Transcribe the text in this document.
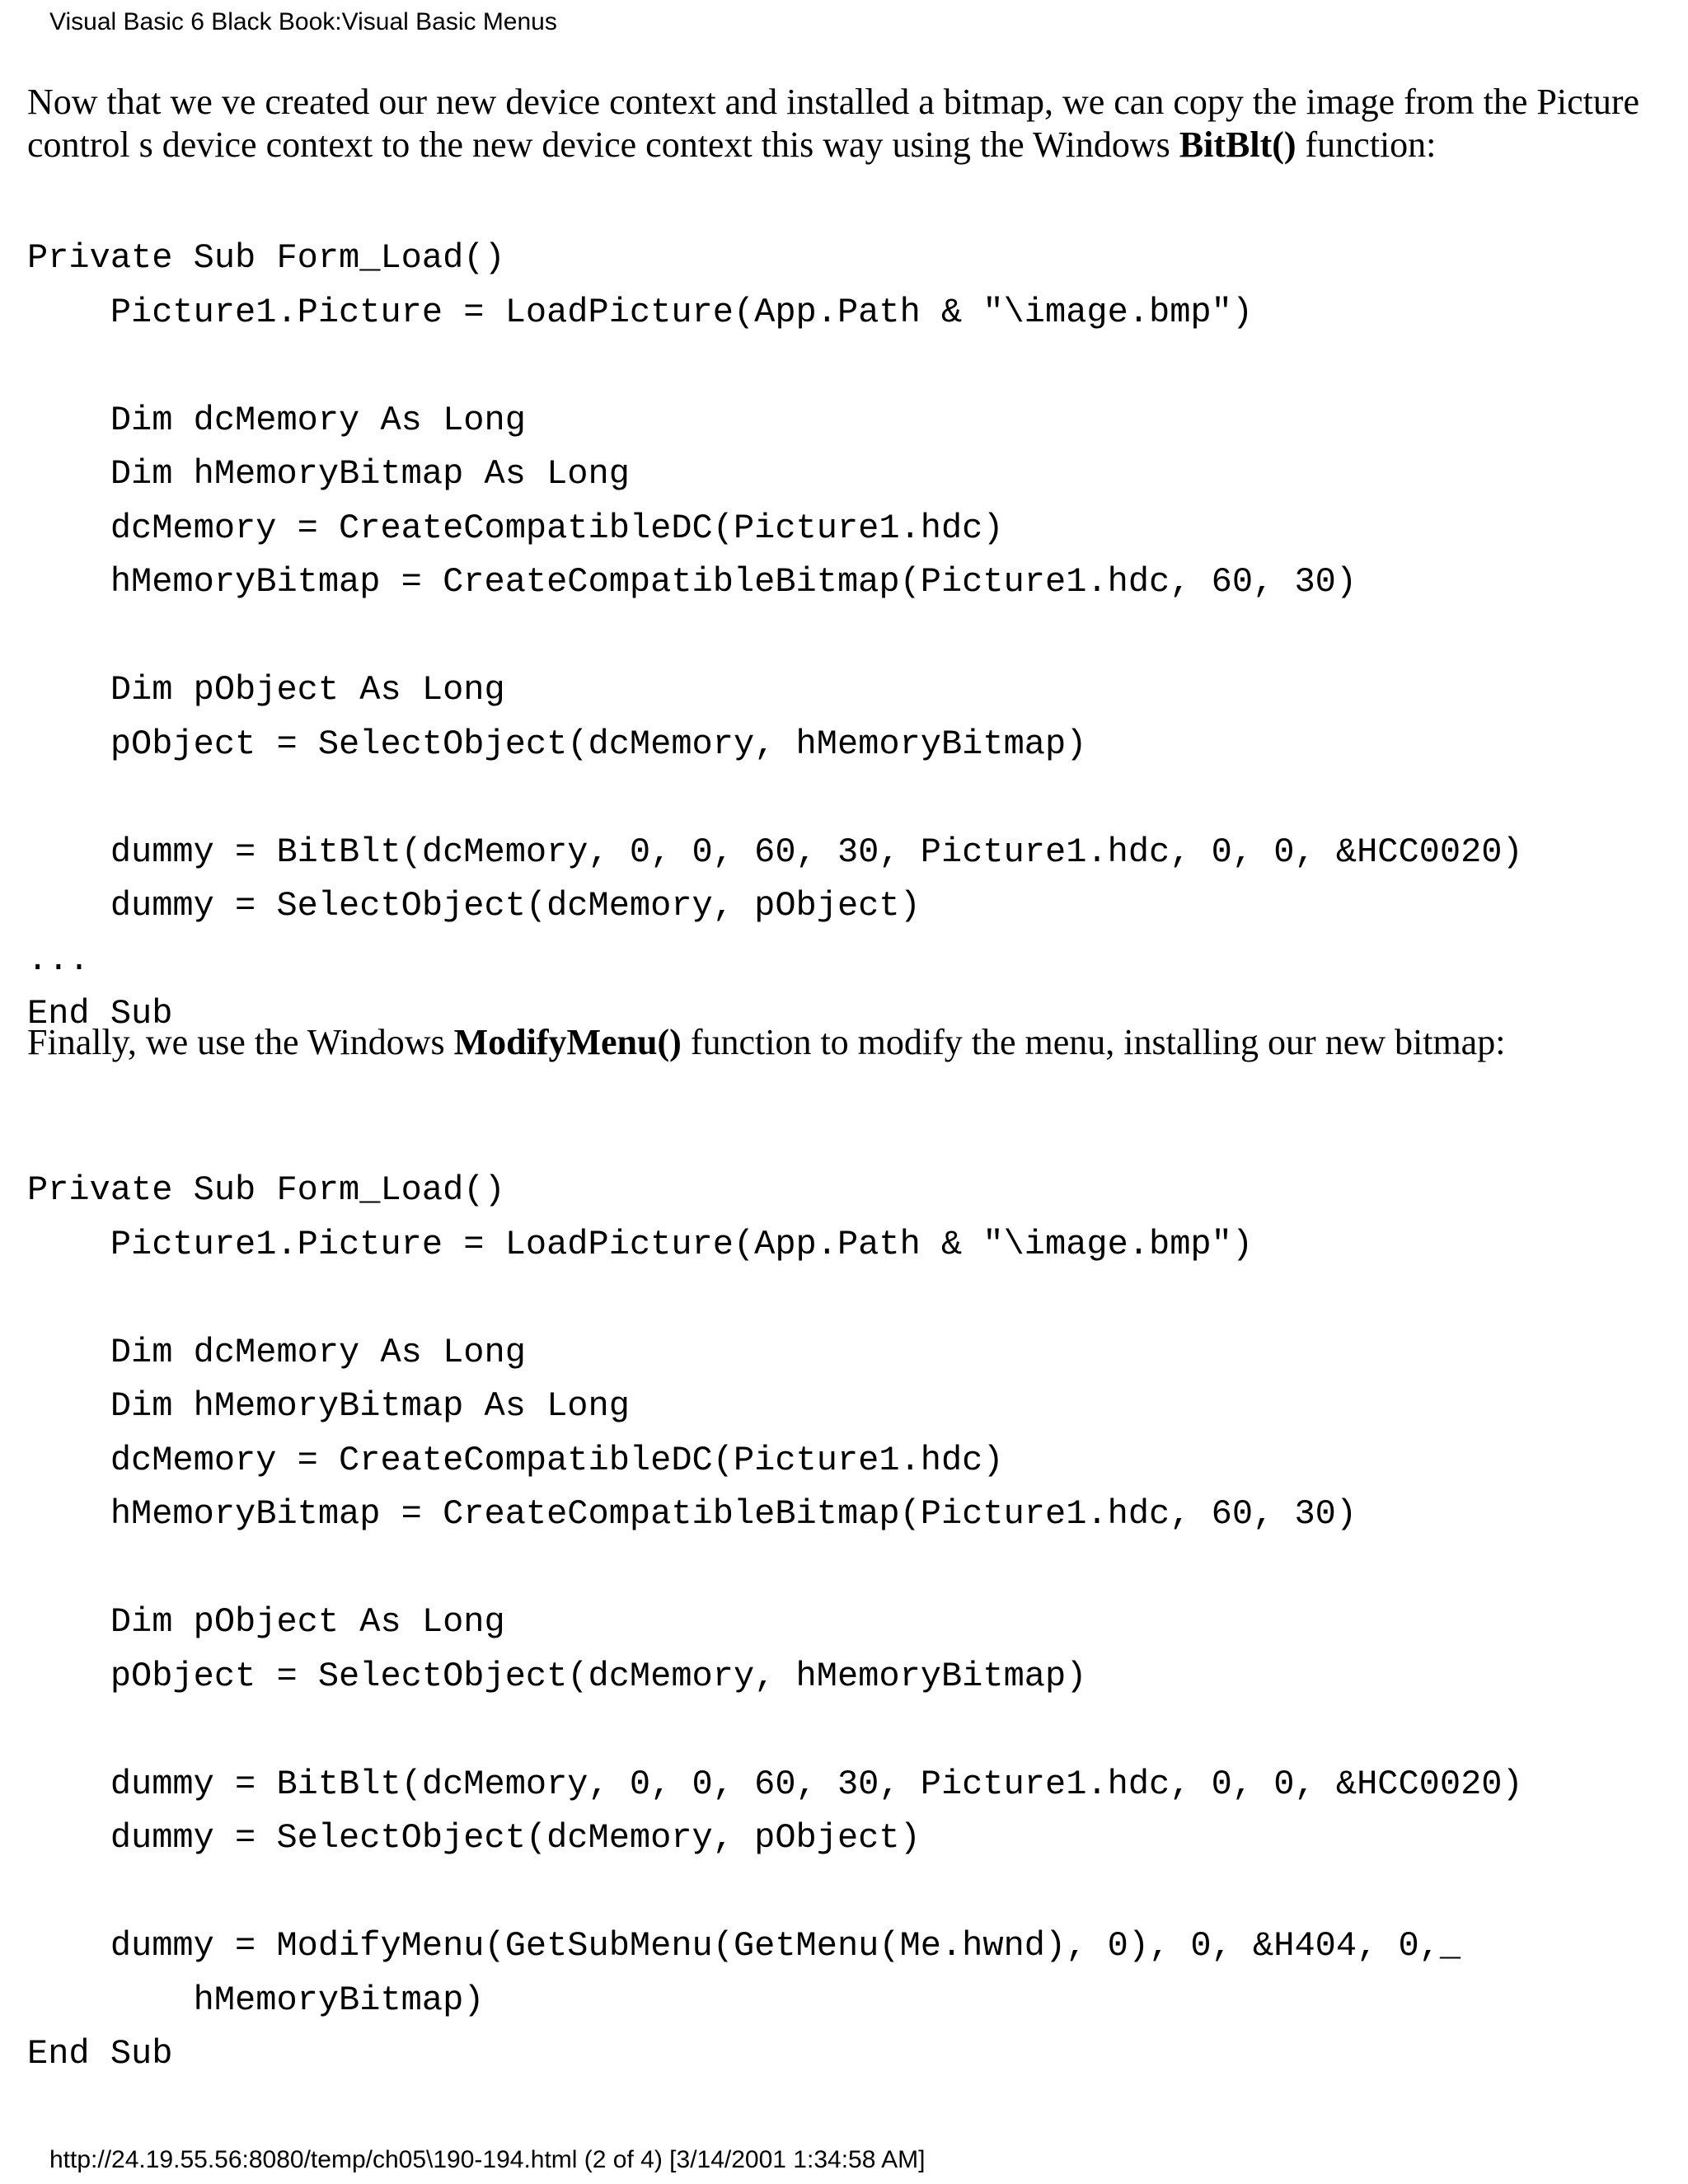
Visual Basic 6 Black Book:Visual Basic Menus

Now that we ve created our new device context and installed a bitmap, we can copy the image from the Picture control s device context to the new device context this way using the Windows BitBlt() function:

Private Sub Form_Load()
Picture1.Picture = LoadPicture(App.Path & "\image.bmp")

Dim dcMemory As Long
Dim hMemoryBitmap As Long
dcMemory = CreateCompatibleDC(Picture1.hdc)
hMemoryBitmap = CreateCompatibleBitmap(Picture1.hdc, 60, 30)

Dim pObject As Long
pObject = SelectObject(dcMemory, hMemoryBitmap)

dummy = BitBlt(dcMemory, 0, 0, 60, 30, Picture1.hdc, 0, 0, &HCC0020)
dummy = SelectObject(dcMemory, pObject)
...
End Sub

Finally, we use the Windows ModifyMenu() function to modify the menu, installing our new bitmap:

Private Sub Form_Load()
Picture1.Picture = LoadPicture(App.Path & "\image.bmp")

Dim dcMemory As Long
Dim hMemoryBitmap As Long
dcMemory = CreateCompatibleDC(Picture1.hdc)
hMemoryBitmap = CreateCompatibleBitmap(Picture1.hdc, 60, 30)

Dim pObject As Long
pObject = SelectObject(dcMemory, hMemoryBitmap)

dummy = BitBlt(dcMemory, 0, 0, 60, 30, Picture1.hdc, 0, 0, &HCC0020)
dummy = SelectObject(dcMemory, pObject)

dummy = ModifyMenu(GetSubMenu(GetMenu(Me.hwnd), 0), 0, &H404, 0,_
hMemoryBitmap)
End Sub
http://24.19.55.56:8080/temp/ch05\190-194.html (2 of 4) [3/14/2001 1:34:58 AM]
